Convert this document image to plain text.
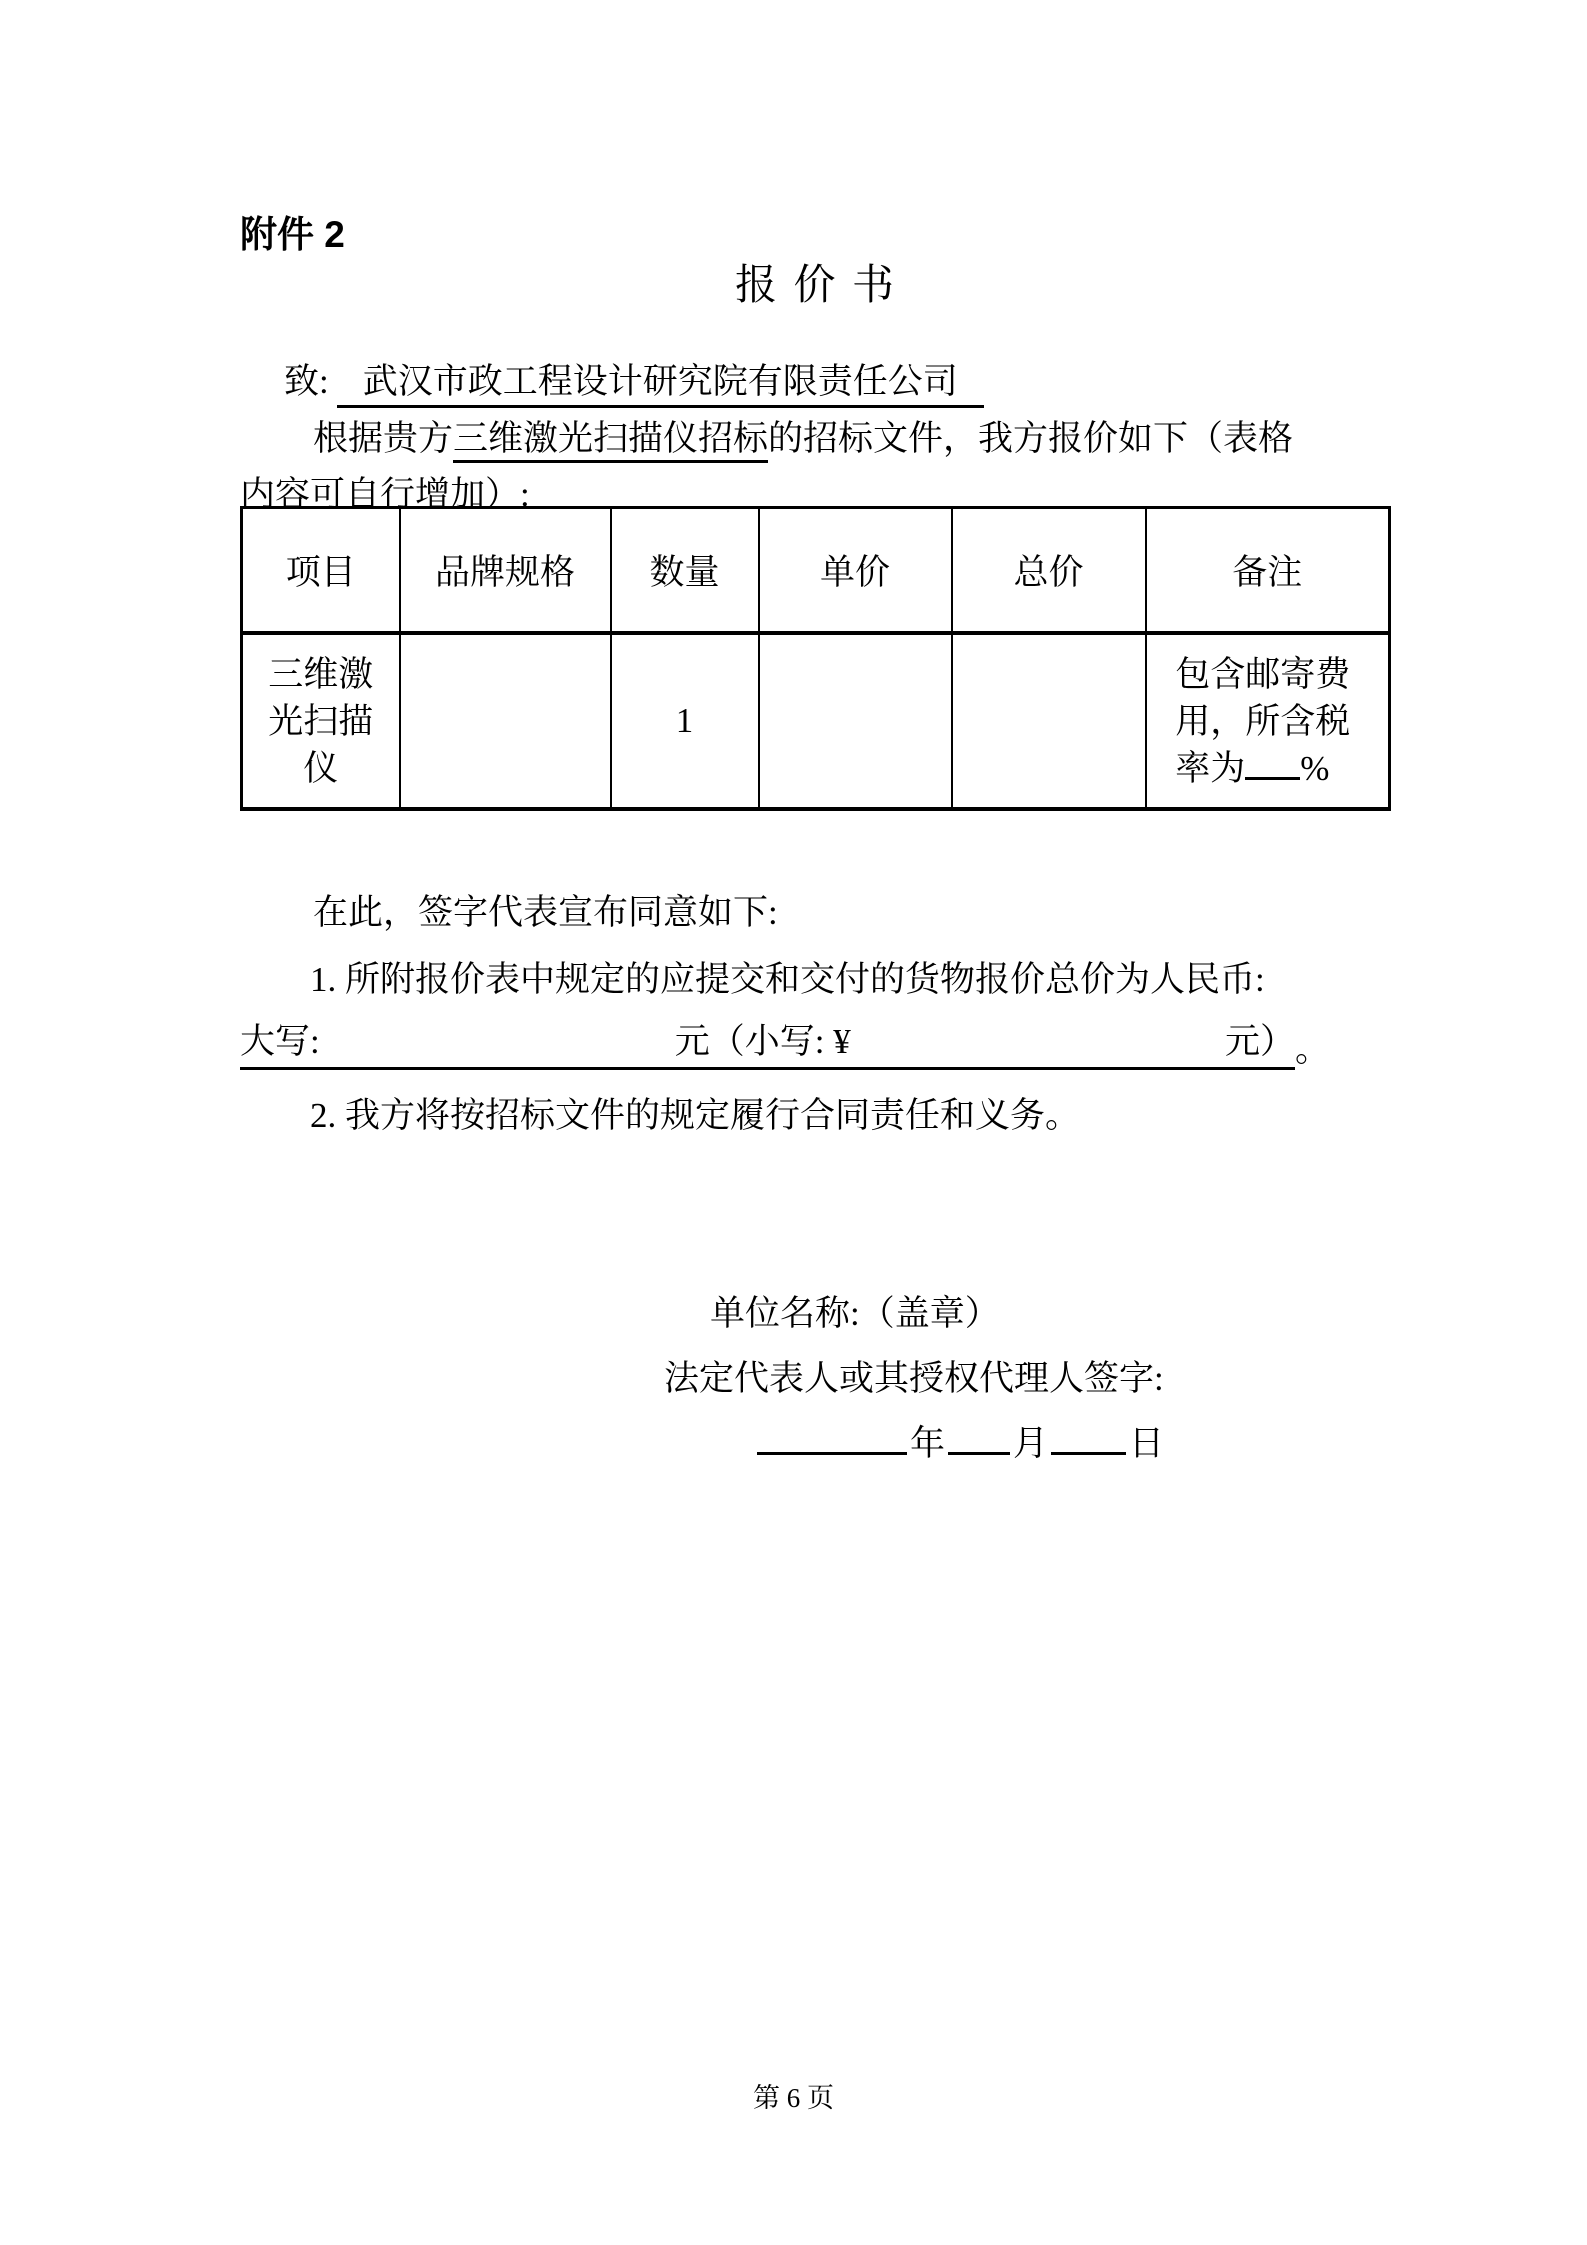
附件 2
报 价 书
致: 武汉市政工程设计研究院有限责任公司
根据贵方三维激光扫描仪招标的招标文件，我方报价如下（表格
内容可自行增加）:
项目	品牌规格	数量	单价	总价	备注

三维激光扫描仪		1			包含邮寄费用，所含税率为 %
在此，签字代表宣布同意如下:
1. 所附报价表中规定的应提交和交付的货物报价总价为人民币:
大写:	元（小写: ¥	元） 。
2. 我方将按招标文件的规定履行合同责任和义务。
单位名称:（盖章）
法定代表人或其授权代理人签字:
年 月 日
第 6 页
